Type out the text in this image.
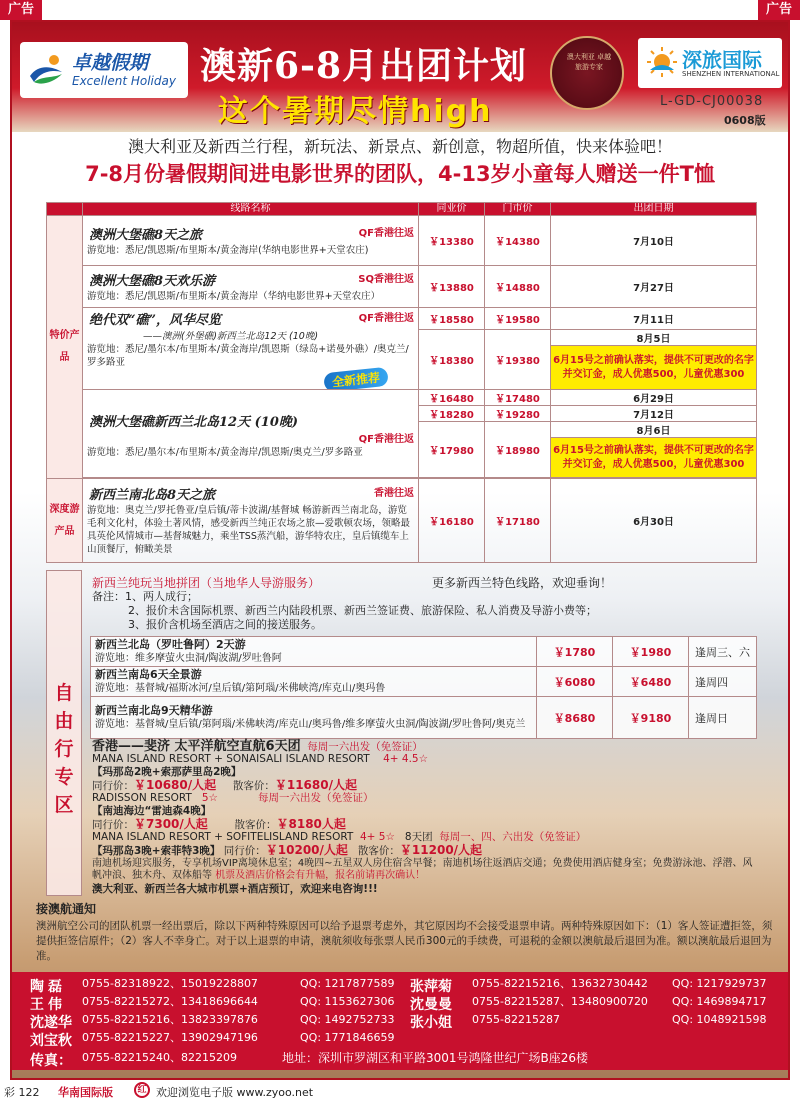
广告	广告
卓越假期
Excellent Holiday 澳新6-8月出团计划
这个暑期尽情high
澳大利亚 卓越 旅游专家	深旅国际
SHENZHEN INTERNATIONAL
L-GD-CJ00038
0608版
澳大利亚及新西兰行程，新玩法、新景点、新创意，物超所值，快来体验吧！
7-8月份暑假期间进电影世界的团队，4-13岁小童每人赠送一件T恤
	线路名称	同业价	门市价	出团日期
特价产品	澳洲大堡礁8天之旅 QF香港往返
游览地：悉尼/凯恩斯/布里斯本/黄金海岸(华纳电影世界+天堂农庄)	￥13380	￥14380	7月10日

	澳洲大堡礁8天欢乐游 SQ香港往返
游览地：悉尼/凯恩斯/布里斯本/黄金海岸（华纳电影世界+天堂农庄）	￥13880	￥14880	7月27日

	绝代双“礁”，风华尽览 QF香港往返
——澳洲(外堡礁)新西兰北岛12天 (10晚)
游览地：悉尼/墨尔本/布里斯本/黄金海岸/凯恩斯（绿岛+诺曼外礁）/奥克兰/罗多路亚
全新推荐	￥18580	￥19580	7月11日
		￥18380	￥19380	8月5日
				6月15号之前确认落实，提供不可更改的名字并交订金，成人优惠500，儿童优惠300

	澳洲大堡礁新西兰北岛12天 (10晚)
QF香港往返
游览地：悉尼/墨尔本/布里斯本/黄金海岸/凯恩斯/奥克兰/罗多路亚	￥16480	￥17480	6月29日
		￥18280	￥19280	7月12日
		￥17980	￥18980	8月6日
				6月15号之前确认落实，提供不可更改的名字并交订金，成人优惠500，儿童优惠300

深度游产品	新西兰南北岛8天之旅 香港往返
游览地：奥克兰/罗托鲁亚/皇后镇/蒂卡波湖/基督城 畅游新西兰南北岛，游览毛利文化村，体验土著风情，感受新西兰纯正农场之旅—爱歌顿农场，领略最具英伦风情城市—基督城魅力，乘坐TSS蒸汽船，游华特农庄，皇后镇缆车上山顶餐厅，俯瞰美景	￥16180	￥17180	6月30日
自由行专区
新西兰纯玩当地拼团（当地华人导游服务）	更多新西兰特色线路，欢迎垂询！
备注：1、两人成行；
2、报价未含国际机票、新西兰内陆段机票、新西兰签证费、旅游保险、私人消费及导游小费等；
3、报价含机场至酒店之间的接送服务。
新西兰北岛（罗吐鲁阿）2天游
游览地：维多摩萤火虫洞/陶波湖/罗吐鲁阿	￥1780	￥1980	逢周三、六

新西兰南岛6天全景游
游览地：基督城/福斯冰河/皇后镇/第阿瑙/米佛峡湾/库克山/奥玛鲁	￥6080	￥6480	逢周四

新西兰南北岛9天精华游
游览地：基督城/皇后镇/第阿瑙/米佛峡湾/库克山/奥玛鲁/维多摩萤火虫洞/陶波湖/罗吐鲁阿/奥克兰	￥8680	￥9180	逢周日
香港——斐济 太平洋航空直航6天团 每周一六出发（免签证）
MANA ISLAND RESORT + SONAISALI ISLAND RESORT 4+ 4.5☆
【玛那岛2晚+索那萨里岛2晚】
同行价：￥10680/人起 散客价：￥11680/人起
RADISSON RESORT 5☆	每周一六出发（免签证）
【南迪海边“雷迪森4晚】
同行价：￥7300/人起	散客价：￥8180人起
MANA ISLAND RESORT + SOFITELISLAND RESORT 4+ 5☆ 8天团 每周一、四、六出发（免签证）
【玛那岛3晚+索菲特3晚】 同行价：￥10200/人起 散客价：￥11200/人起
南迪机场迎宾服务，专享机场VIP离境休息室；4晚四~五星双人房住宿含早餐；南迪机场往返酒店交通；免费使用酒店健身室；免费游泳池、浮潜、风帆冲浪、独木舟、双体船等 机票及酒店价格会有升幅，报名前请再次确认！
澳大利亚、新西兰各大城市机票+酒店预订，欢迎来电咨询!!!
接澳航通知
澳洲航空公司的团队机票一经出票后，除以下两种特殊原因可以给予退票考虑外，其它原因均不会接受退票申请。两种特殊原因如下：（1）客人签证遭拒签，须提供拒签信原件；（2）客人不幸身亡。对于以上退票的申请，澳航须收每张票人民币300元的手续费，可退税的金额以澳航最后退回为准。额以澳航最后退回为准。
陶磊 0755-82318922、15019228807	QQ: 1217877589
王伟 0755-82215272、13418696644	QQ: 1153627306
沈遂华 0755-82215216、13823397876	QQ: 1492752733
刘宝秋 0755-82215227、13902947196	QQ: 1771846659
张萍菊 0755-82215216、13632730442 QQ: 1217929737
沈曼曼 0755-82215287、13480900720 QQ: 1469894717
张小姐 0755-82215287	QQ: 1048921598
传真： 0755-82215240、82215209	地址：深圳市罗湖区和平路3001号鸿隆世纪广场B座26楼
彩 122 华南国际版	红 欢迎浏览电子版 www.zyoo.net
